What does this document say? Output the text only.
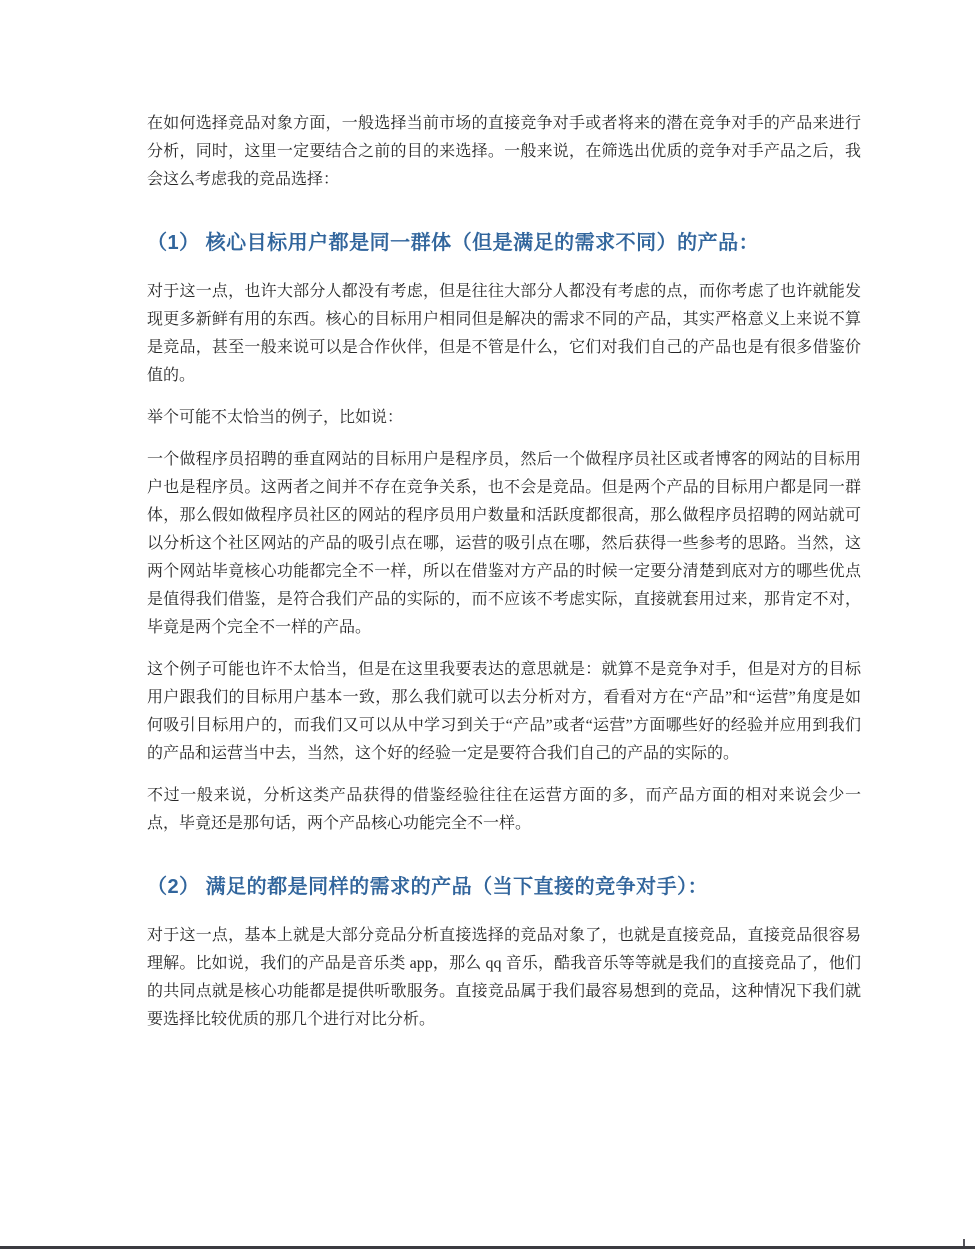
在如何选择竞品对象方面，一般选择当前市场的直接竞争对手或者将来的潜在竞争对手的产品来进行分析，同时，这里一定要结合之前的目的来选择。一般来说，在筛选出优质的竞争对手产品之后，我会这么考虑我的竞品选择：

（1） 核心目标用户都是同一群体（但是满足的需求不同）的产品：

对于这一点，也许大部分人都没有考虑，但是往往大部分人都没有考虑的点，而你考虑了也许就能发现更多新鲜有用的东西。核心的目标用户相同但是解决的需求不同的产品，其实严格意义上来说不算是竞品，甚至一般来说可以是合作伙伴，但是不管是什么，它们对我们自己的产品也是有很多借鉴价值的。

举个可能不太恰当的例子，比如说：

一个做程序员招聘的垂直网站的目标用户是程序员，然后一个做程序员社区或者博客的网站的目标用户也是程序员。这两者之间并不存在竞争关系，也不会是竞品。但是两个产品的目标用户都是同一群体，那么假如做程序员社区的网站的程序员用户数量和活跃度都很高，那么做程序员招聘的网站就可以分析这个社区网站的产品的吸引点在哪，运营的吸引点在哪，然后获得一些参考的思路。当然，这两个网站毕竟核心功能都完全不一样，所以在借鉴对方产品的时候一定要分清楚到底对方的哪些优点是值得我们借鉴，是符合我们产品的实际的，而不应该不考虑实际，直接就套用过来，那肯定不对，毕竟是两个完全不一样的产品。

这个例子可能也许不太恰当，但是在这里我要表达的意思就是：就算不是竞争对手，但是对方的目标用户跟我们的目标用户基本一致，那么我们就可以去分析对方，看看对方在“产品”和“运营”角度是如何吸引目标用户的，而我们又可以从中学习到关于“产品”或者“运营”方面哪些好的经验并应用到我们的产品和运营当中去，当然，这个好的经验一定是要符合我们自己的产品的实际的。

不过一般来说，分析这类产品获得的借鉴经验往往在运营方面的多，而产品方面的相对来说会少一点，毕竟还是那句话，两个产品核心功能完全不一样。

（2） 满足的都是同样的需求的产品（当下直接的竞争对手）：

对于这一点，基本上就是大部分竞品分析直接选择的竞品对象了，也就是直接竞品，直接竞品很容易理解。比如说，我们的产品是音乐类 app，那么 qq 音乐，酷我音乐等等就是我们的直接竞品了，他们的共同点就是核心功能都是提供听歌服务。直接竞品属于我们最容易想到的竞品，这种情况下我们就要选择比较优质的那几个进行对比分析。
